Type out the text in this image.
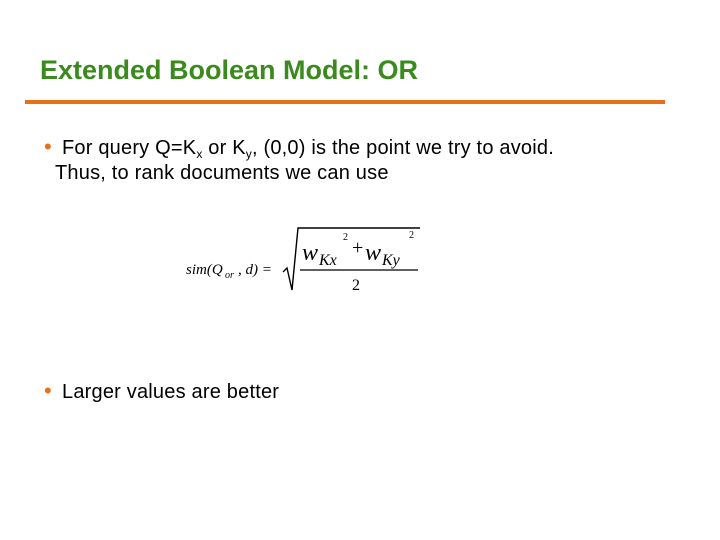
Extended Boolean Model: OR
• For query $Q=K_x$ or $K_y$, (0,0) is the point we try to avoid.
Thus, to rank documents we can use
sim(Q or , d) =
w Kx
2 + w Ky
2
2
• Larger values are better
